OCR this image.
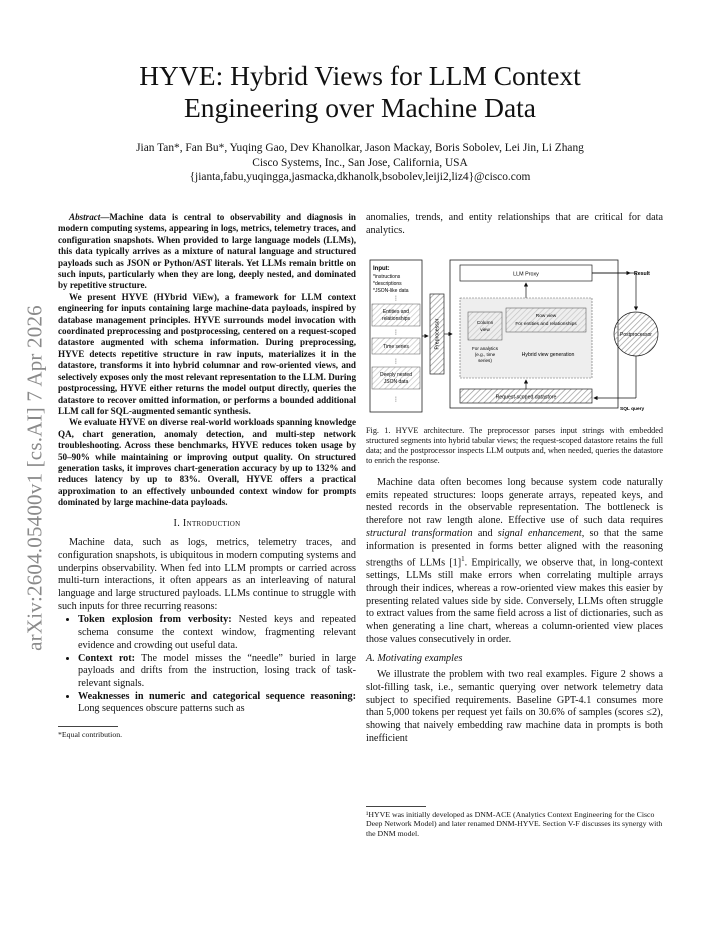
arXiv:2604.05400v1 [cs.AI] 7 Apr 2026
HYVE: Hybrid Views for LLM Context
Engineering over Machine Data
Jian Tan*, Fan Bu*, Yuqing Gao, Dev Khanolkar, Jason Mackay, Boris Sobolev, Lei Jin, Li Zhang
Cisco Systems, Inc., San Jose, California, USA
{jianta,fabu,yuqingga,jasmacka,dkhanolk,bsobolev,leiji2,liz4}@cisco.com

Abstract—Machine data is central to observability and diagnosis in modern computing systems, appearing in logs, metrics, telemetry traces, and configuration snapshots. When provided to large language models (LLMs), this data typically arrives as a mixture of natural language and structured payloads such as JSON or Python/AST literals. Yet LLMs remain brittle on such inputs, particularly when they are long, deeply nested, and dominated by repetitive structure.

We present HYVE (HYbrid ViEw), a framework for LLM context engineering for inputs containing large machine-data payloads, inspired by database management principles. HYVE surrounds model invocation with coordinated preprocessing and postprocessing, centered on a request-scoped datastore augmented with schema information. During preprocessing, HYVE detects repetitive structure in raw inputs, materializes it in the datastore, transforms it into hybrid columnar and row-oriented views, and selectively exposes only the most relevant representation to the LLM. During postprocessing, HYVE either returns the model output directly, queries the datastore to recover omitted information, or performs a bounded additional LLM call for SQL-augmented semantic synthesis.

We evaluate HYVE on diverse real-world workloads spanning knowledge QA, chart generation, anomaly detection, and multi-step network troubleshooting. Across these benchmarks, HYVE reduces token usage by 50–90% while maintaining or improving output quality. On structured generation tasks, it improves chart-generation accuracy by up to 132% and reduces latency by up to 83%. Overall, HYVE offers a practical approximation to an effectively unbounded context window for prompts dominated by large machine-data payloads.

I. Introduction

Machine data, such as logs, metrics, telemetry traces, and configuration snapshots, is ubiquitous in modern computing systems and underpins observability. When fed into LLM prompts or carried across multi-turn interactions, it often appears as an interleaving of natural language and large structured payloads. LLMs continue to struggle with such inputs for three recurring reasons:

• Token explosion from verbosity: Nested keys and repeated schema consume the context window, fragmenting relevant evidence and crowding out useful data.
• Context rot: The model misses the “needle” buried in large payloads and drifts from the instruction, losing track of task-relevant signals.
• Weaknesses in numeric and categorical sequence reasoning: Long sequences obscure patterns such as

*Equal contribution.

anomalies, trends, and entity relationships that are critical for data analytics.

Input:
*instructions
*descriptions
*JSON-like data
⋮
Entities and
relationships
⋮
Time series
⋮
Deeply nested
JSON data
⋮
Preprocessor
LLM Proxy	Result
Column
view
Row view
For entities and relationships
For analytics
(e.g., time
series)
Hybrid view generation
Request-scoped datastore
Postprocessor
SQL query
Fig. 1. HYVE architecture. The preprocessor parses input strings with embedded structured segments into hybrid tabular views; the request-scoped datastore retains the full data; and the postprocessor inspects LLM outputs and, when needed, queries the datastore to enrich the response.

Machine data often becomes long because system code naturally emits repeated structures: loops generate arrays, repeated keys, and nested records in the observable representation. The bottleneck is therefore not raw length alone. Effective use of such data requires structural transformation and signal enhancement, so that the same information is presented in forms better aligned with the reasoning strengths of LLMs $[1]^1$. Empirically, we observe that, in long-context settings, LLMs still make errors when correlating multiple arrays through their indices, whereas a row-oriented view makes this easier by presenting related values side by side. Conversely, LLMs often struggle to extract values from the same field across a list of dictionaries, such as when generating a line chart, whereas a column-oriented view places those values consecutively in order.

A. Motivating examples

We illustrate the problem with two real examples. Figure 2 shows a slot-filling task, i.e., semantic querying over network telemetry data subject to specified requirements. Baseline GPT-4.1 consumes more than 5,000 tokens per request yet fails on 30.6% of samples (scores ≤2), showing that naively embedding raw machine data in prompts is both inefficient

¹HYVE was initially developed as DNM-ACE (Analytics Context Engineering for the Cisco Deep Network Model) and later renamed DNM-HYVE. Section V-F discusses its synergy with the DNM model.
